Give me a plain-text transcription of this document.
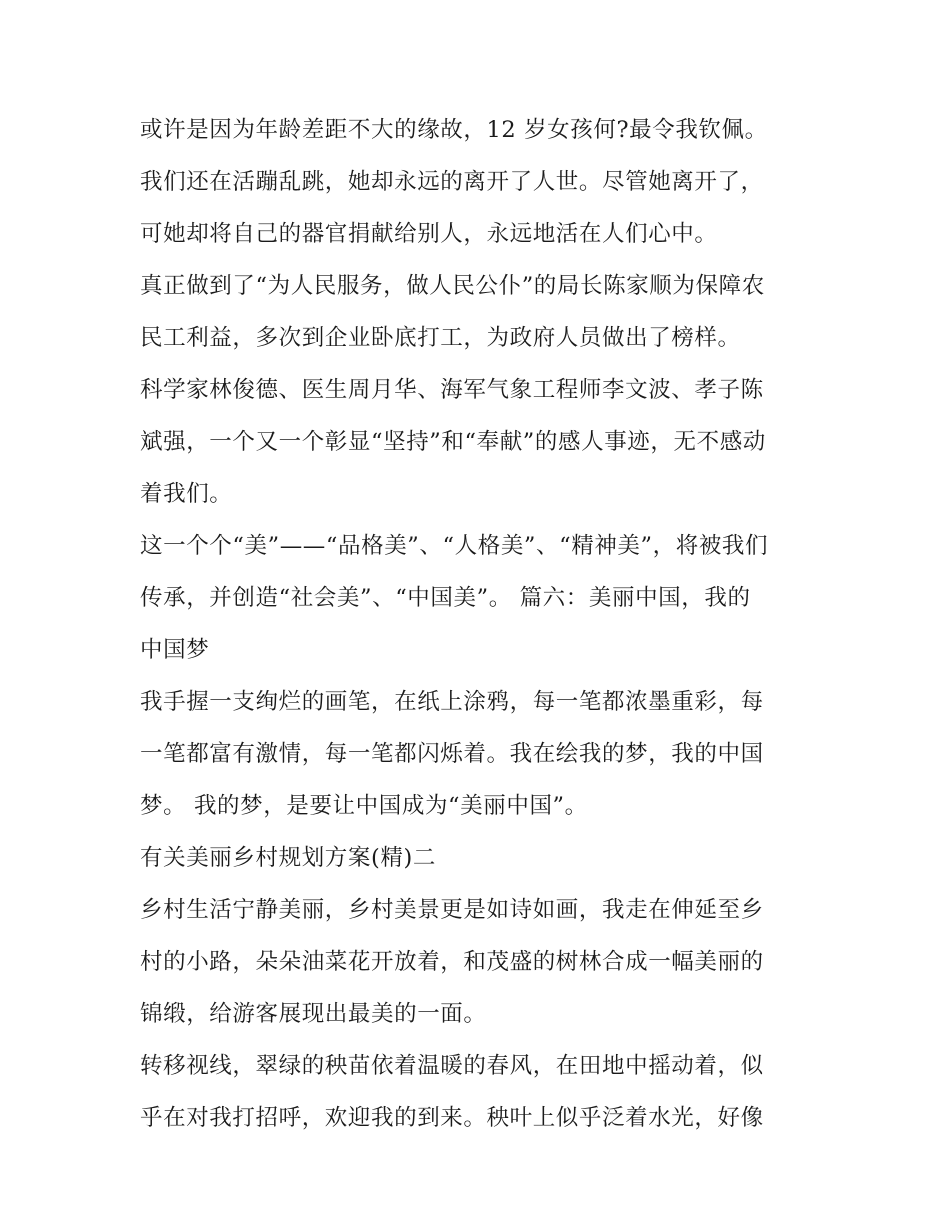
或许是因为年龄差距不大的缘故，12 岁女孩何?最令我钦佩。

我们还在活蹦乱跳，她却永远的离开了人世。尽管她离开了，

可她却将自己的器官捐献给别人，永远地活在人们心中。

真正做到了“为人民服务，做人民公仆”的局长陈家顺为保障农

民工利益，多次到企业卧底打工，为政府人员做出了榜样。

科学家林俊德、医生周月华、海军气象工程师李文波、孝子陈

斌强，一个又一个彰显“坚持”和“奉献”的感人事迹，无不感动

着我们。

这一个个“美”——“品格美”、“人格美”、“精神美”，将被我们

传承，并创造“社会美”、“中国美”。 篇六：美丽中国，我的

中国梦

我手握一支绚烂的画笔，在纸上涂鸦，每一笔都浓墨重彩，每

一笔都富有激情，每一笔都闪烁着。我在绘我的梦，我的中国

梦。 我的梦，是要让中国成为“美丽中国”。

有关美丽乡村规划方案(精)二

乡村生活宁静美丽，乡村美景更是如诗如画，我走在伸延至乡

村的小路，朵朵油菜花开放着，和茂盛的树林合成一幅美丽的

锦缎，给游客展现出最美的一面。

转移视线，翠绿的秧苗依着温暖的春风，在田地中摇动着，似

乎在对我打招呼，欢迎我的到来。秧叶上似乎泛着水光，好像
